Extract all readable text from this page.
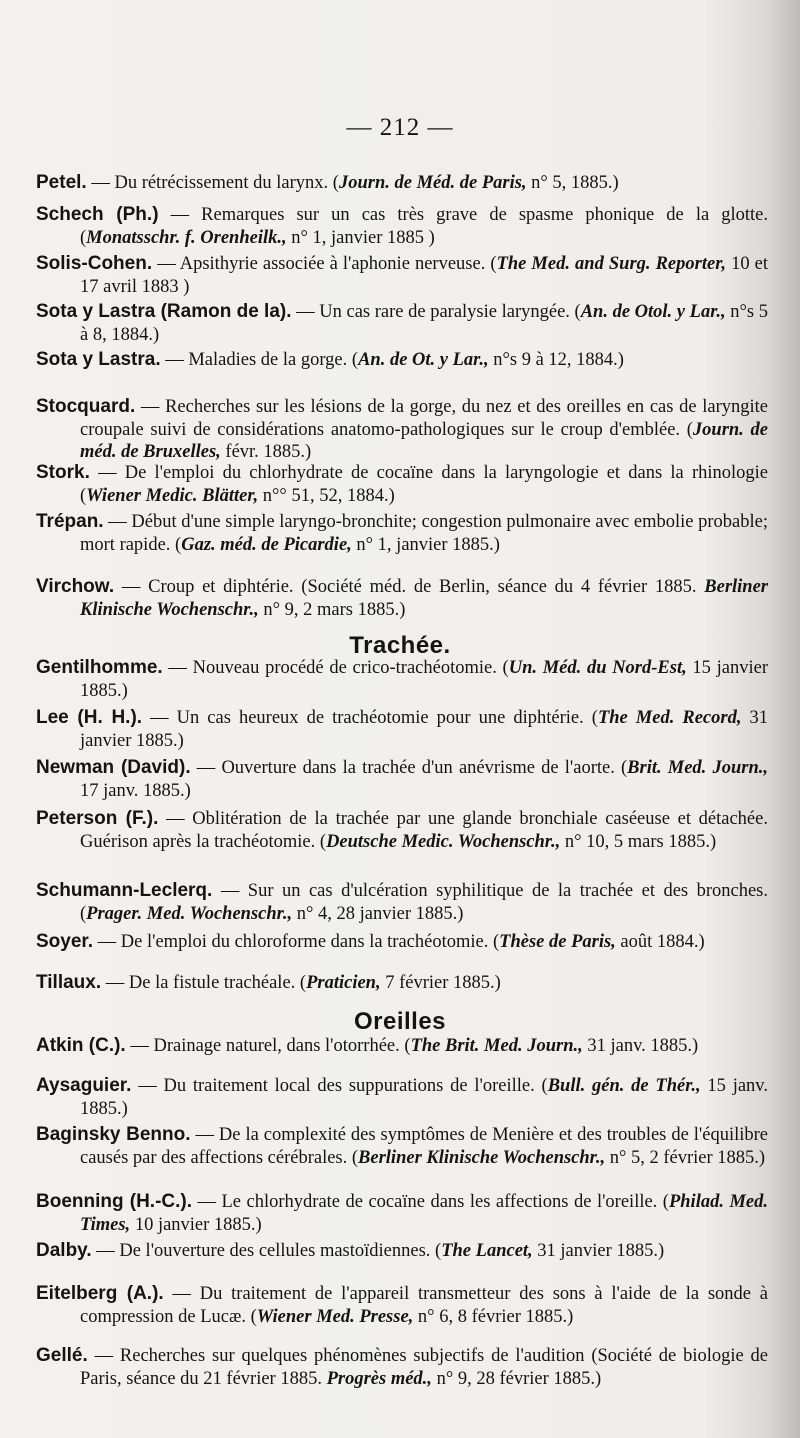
— 212 —
Petel. — Du rétrécissement du larynx. (Journ. de Méd. de Paris, n° 5, 1885.)
Schech (Ph.) — Remarques sur un cas très grave de spasme phonique de la glotte. (Monatsschr. f. Orenheilk., n° 1, janvier 1885 )
Solis-Cohen. — Apsithyrie associée à l'aphonie nerveuse. (The Med. and Surg. Reporter, 10 et 17 avril 1883 )
Sota y Lastra (Ramon de la). — Un cas rare de paralysie laryngée. (An. de Otol. y Lar., n°s 5 à 8, 1884.)
Sota y Lastra. — Maladies de la gorge. (An. de Ot. y Lar., n°s 9 à 12, 1884.)
Stocquard. — Recherches sur les lésions de la gorge, du nez et des oreilles en cas de laryngite croupale suivi de considérations anatomo-pathologiques sur le croup d'emblée. (Journ. de méd. de Bruxelles, févr. 1885.)
Stork. — De l'emploi du chlorhydrate de cocaïne dans la laryngologie et dans la rhinologie (Wiener Medic. Blätter, n°° 51, 52, 1884.)
Trépan. — Début d'une simple laryngo-bronchite; congestion pulmonaire avec embolie probable; mort rapide. (Gaz. méd. de Picardie, n° 1, janvier 1885.)
Virchow. — Croup et diphtérie. (Société méd. de Berlin, séance du 4 février 1885. Berliner Klinische Wochenschr., n° 9, 2 mars 1885.)
Trachée.
Gentilhomme. — Nouveau procédé de crico-trachéotomie. (Un. Méd. du Nord-Est, 15 janvier 1885.)
Lee (H. H.). — Un cas heureux de trachéotomie pour une diphtérie. (The Med. Record, 31 janvier 1885.)
Newman (David). — Ouverture dans la trachée d'un anévrisme de l'aorte. (Brit. Med. Journ., 17 janv. 1885.)
Peterson (F.). — Oblitération de la trachée par une glande bronchiale caséeuse et détachée. Guérison après la trachéotomie. (Deutsche Medic. Wochenschr., n° 10, 5 mars 1885.)
Schumann-Leclerq. — Sur un cas d'ulcération syphilitique de la trachée et des bronches. (Prager. Med. Wochenschr., n° 4, 28 janvier 1885.)
Soyer. — De l'emploi du chloroforme dans la trachéotomie. (Thèse de Paris, août 1884.)
Tillaux. — De la fistule trachéale. (Praticien, 7 février 1885.)
Oreilles
Atkin (C.). — Drainage naturel, dans l'otorrhée. (The Brit. Med. Journ., 31 janv. 1885.)
Aysaguier. — Du traitement local des suppurations de l'oreille. (Bull. gén. de Thér., 15 janv. 1885.)
Baginsky Benno. — De la complexité des symptômes de Menière et des troubles de l'équilibre causés par des affections cérébrales. (Berliner Klinische Wochenschr., n° 5, 2 février 1885.)
Boenning (H.-C.). — Le chlorhydrate de cocaïne dans les affections de l'oreille. (Philad. Med. Times, 10 janvier 1885.)
Dalby. — De l'ouverture des cellules mastoïdiennes. (The Lancet, 31 janvier 1885.)
Eitelberg (A.). — Du traitement de l'appareil transmetteur des sons à l'aide de la sonde à compression de Lucæ. (Wiener Med. Presse, n° 6, 8 février 1885.)
Gellé. — Recherches sur quelques phénomènes subjectifs de l'audition (Société de biologie de Paris, séance du 21 février 1885. Progrès méd., n° 9, 28 février 1885.)
